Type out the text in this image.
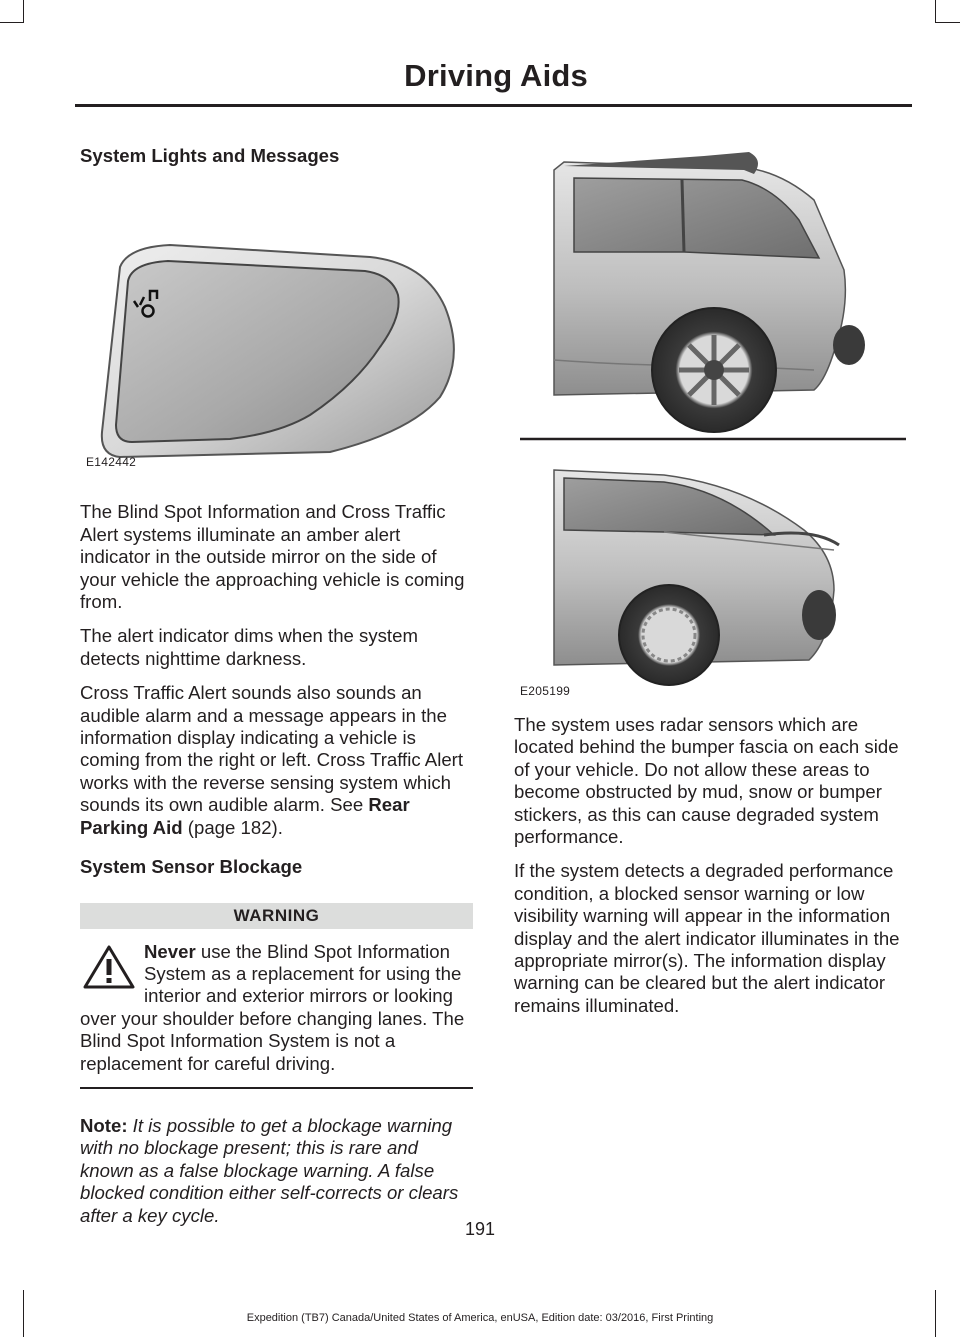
Driving Aids

System Lights and Messages

E142442

The Blind Spot Information and Cross Traffic Alert systems illuminate an amber alert indicator in the outside mirror on the side of your vehicle the approaching vehicle is coming from.

The alert indicator dims when the system detects nighttime darkness.

Cross Traffic Alert sounds also sounds an audible alarm and a message appears in the information display indicating a vehicle is coming from the right or left. Cross Traffic Alert works with the reverse sensing system which sounds its own audible alarm. See Rear Parking Aid (page 182).

System Sensor Blockage

WARNING

Never use the Blind Spot Information System as a replacement for using the interior and exterior mirrors or looking over your shoulder before changing lanes. The Blind Spot Information System is not a replacement for careful driving.

Note: It is possible to get a blockage warning with no blockage present; this is rare and known as a false blockage warning. A false blocked condition either self-corrects or clears after a key cycle.

E205199

The system uses radar sensors which are located behind the bumper fascia on each side of your vehicle. Do not allow these areas to become obstructed by mud, snow or bumper stickers, as this can cause degraded system performance.

If the system detects a degraded performance condition, a blocked sensor warning or low visibility warning will appear in the information display and the alert indicator illuminates in the appropriate mirror(s). The information display warning can be cleared but the alert indicator remains illuminated.

191
Expedition (TB7) Canada/United States of America, enUSA, Edition date: 03/2016, First Printing
